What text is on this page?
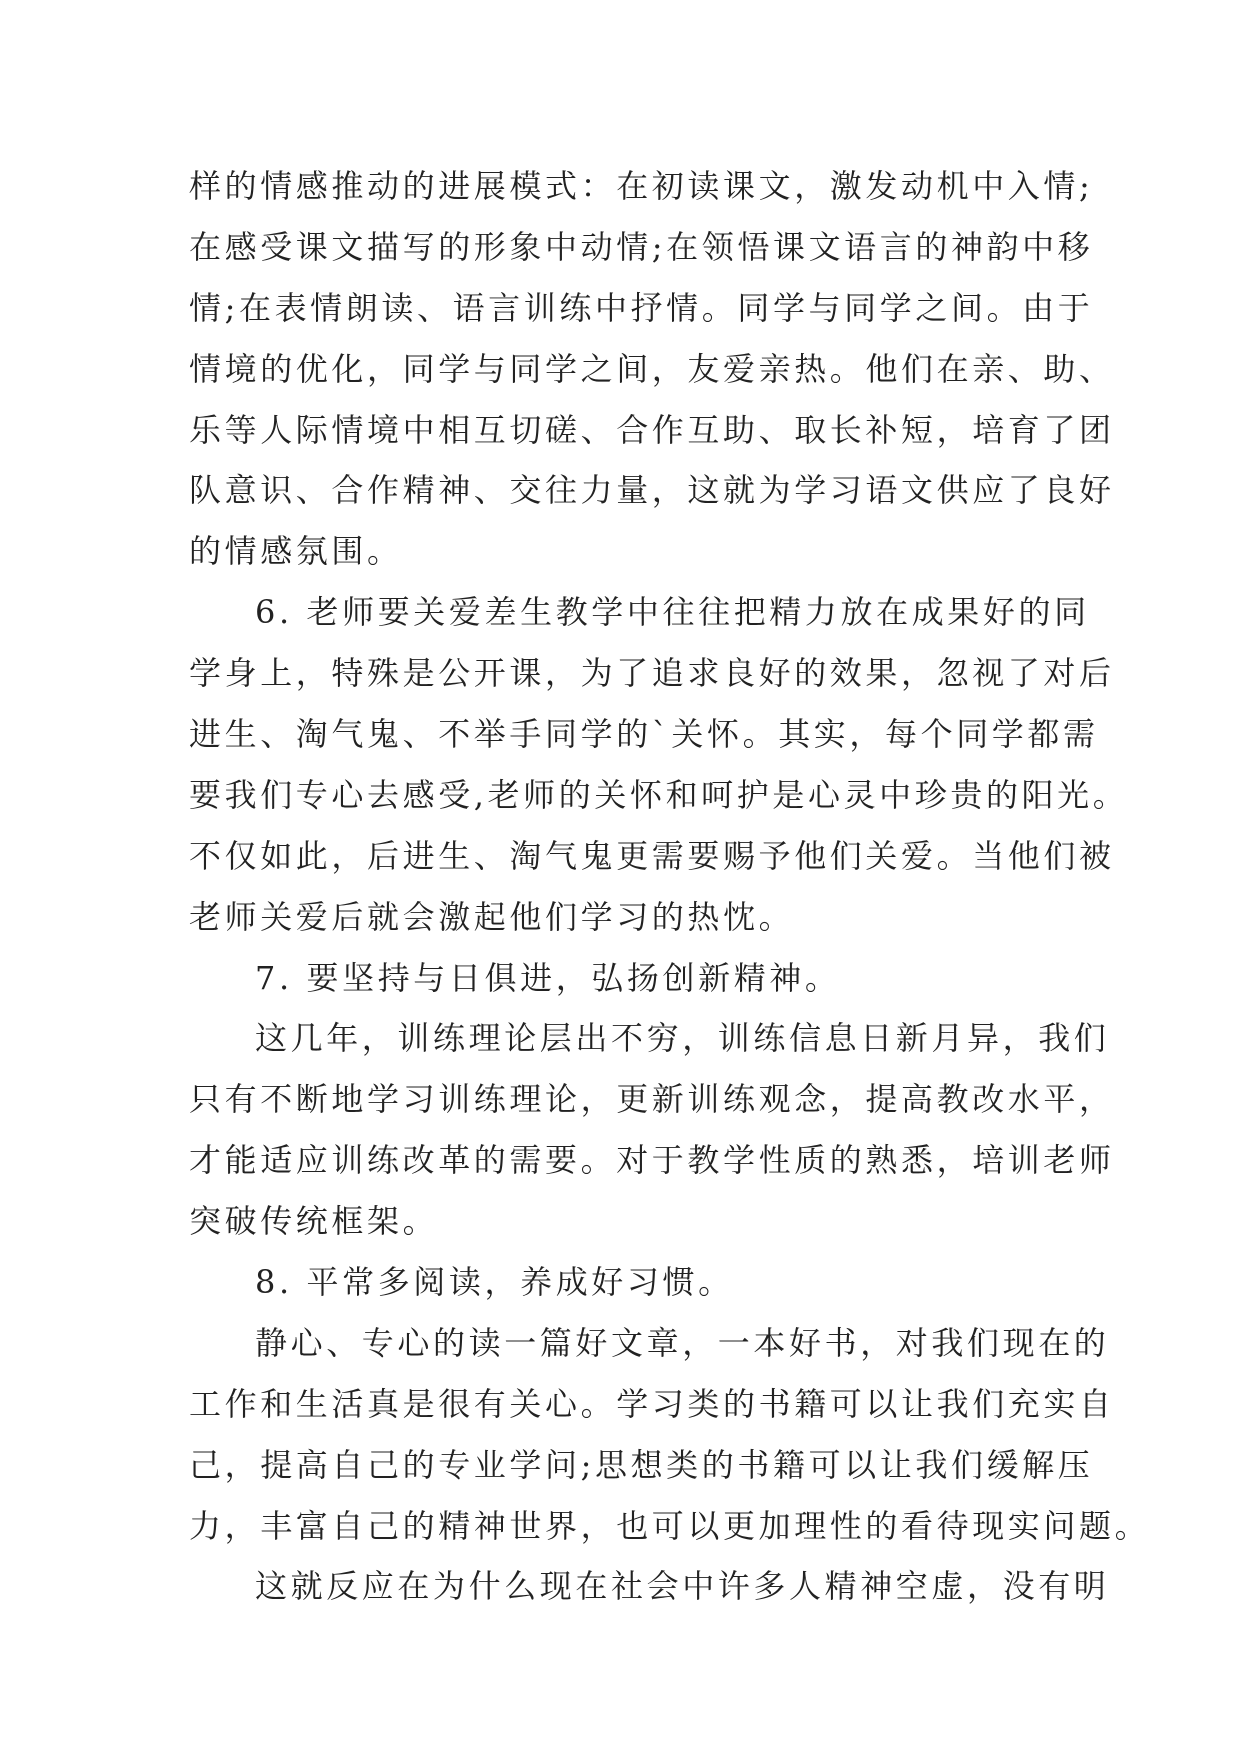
样的情感推动的进展模式：在初读课文，激发动机中入情;
在感受课文描写的形象中动情;在领悟课文语言的神韵中移
情;在表情朗读、语言训练中抒情。同学与同学之间。由于
情境的优化，同学与同学之间，友爱亲热。他们在亲、助、
乐等人际情境中相互切磋、合作互助、取长补短，培育了团
队意识、合作精神、交往力量，这就为学习语文供应了良好
的情感氛围。
6. 老师要关爱差生教学中往往把精力放在成果好的同
学身上，特殊是公开课，为了追求良好的效果，忽视了对后
进生、淘气鬼、不举手同学的`关怀。其实，每个同学都需
要我们专心去感受,老师的关怀和呵护是心灵中珍贵的阳光。
不仅如此，后进生、淘气鬼更需要赐予他们关爱。当他们被
老师关爱后就会激起他们学习的热忱。
7. 要坚持与日俱进，弘扬创新精神。
这几年，训练理论层出不穷，训练信息日新月异，我们
只有不断地学习训练理论，更新训练观念，提高教改水平，
才能适应训练改革的需要。对于教学性质的熟悉，培训老师
突破传统框架。
8. 平常多阅读，养成好习惯。
静心、专心的读一篇好文章，一本好书，对我们现在的
工作和生活真是很有关心。学习类的书籍可以让我们充实自
己，提高自己的专业学问;思想类的书籍可以让我们缓解压
力，丰富自己的精神世界，也可以更加理性的看待现实问题。
这就反应在为什么现在社会中许多人精神空虚，没有明
